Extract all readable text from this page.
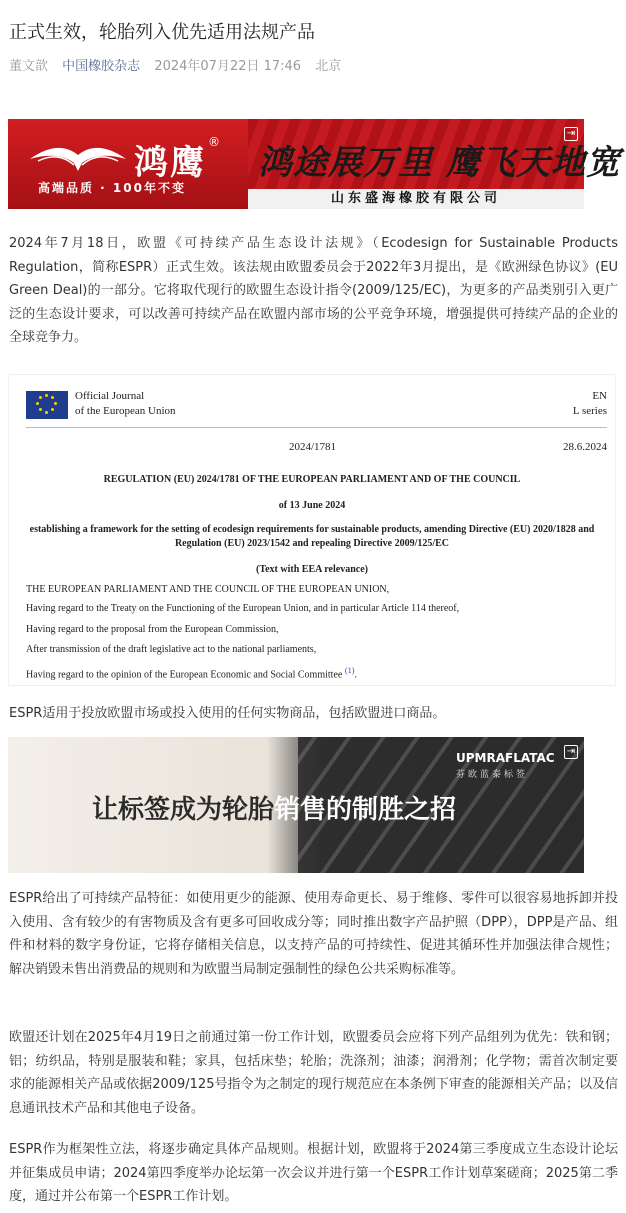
正式生效，轮胎列入优先适用法规产品
董文歆 中国橡胶杂志 2024年07月22日 17:46 北京
鸿鹰
®
高端品质 · 100年不变
鸿途展万里 鹰飞天地宽
山东盛海橡胶有限公司
⇥
2024年7月18日，欧盟《可持续产品生态设计法规》（Ecodesign for Sustainable Products Regulation，简称ESPR）正式生效。该法规由欧盟委员会于2022年3月提出，是《欧洲绿色协议》(EU Green Deal)的一部分。它将取代现行的欧盟生态设计指令(2009/125/EC)，为更多的产品类别引入更广泛的生态设计要求，可以改善可持续产品在欧盟内部市场的公平竞争环境，增强提供可持续产品的企业的全球竞争力。
Official Journal
of the European Union
EN
L series
2024/1781	28.6.2024
REGULATION (EU) 2024/1781 OF THE EUROPEAN PARLIAMENT AND OF THE COUNCIL
of 13 June 2024
establishing a framework for the setting of ecodesign requirements for sustainable products, amending Directive (EU) 2020/1828 and Regulation (EU) 2023/1542 and repealing Directive 2009/125/EC
(Text with EEA relevance)
THE EUROPEAN PARLIAMENT AND THE COUNCIL OF THE EUROPEAN UNION,
Having regard to the Treaty on the Functioning of the European Union, and in particular Article 114 thereof,
Having regard to the proposal from the European Commission,
After transmission of the draft legislative act to the national parliaments,
Having regard to the opinion of the European Economic and Social Committee $^{(1)}$.
ESPR适用于投放欧盟市场或投入使用的任何实物商品，包括欧盟进口商品。
让标签成为轮胎销售的制胜之招
UPMRAFLATAC
芬欧蓝泰标签
⇥
ESPR给出了可持续产品特征：如使用更少的能源、使用寿命更长、易于维修、零件可以很容易地拆卸并投入使用、含有较少的有害物质及含有更多可回收成分等；同时推出数字产品护照（DPP），DPP是产品、组件和材料的数字身份证，它将存储相关信息，以支持产品的可持续性、促进其循环性并加强法律合规性；解决销毁未售出消费品的规则和为欧盟当局制定强制性的绿色公共采购标准等。
欧盟还计划在2025年4月19日之前通过第一份工作计划，欧盟委员会应将下列产品组列为优先：铁和钢；铝；纺织品，特别是服装和鞋；家具，包括床垫；轮胎；洗涤剂；油漆；润滑剂；化学物；需首次制定要求的能源相关产品或依据2009/125号指令为之制定的现行规范应在本条例下审查的能源相关产品；以及信息通讯技术产品和其他电子设备。
ESPR作为框架性立法，将逐步确定具体产品规则。根据计划，欧盟将于2024第三季度成立生态设计论坛并征集成员申请；2024第四季度举办论坛第一次会议并进行第一个ESPR工作计划草案磋商；2025第二季度，通过并公布第一个ESPR工作计划。
